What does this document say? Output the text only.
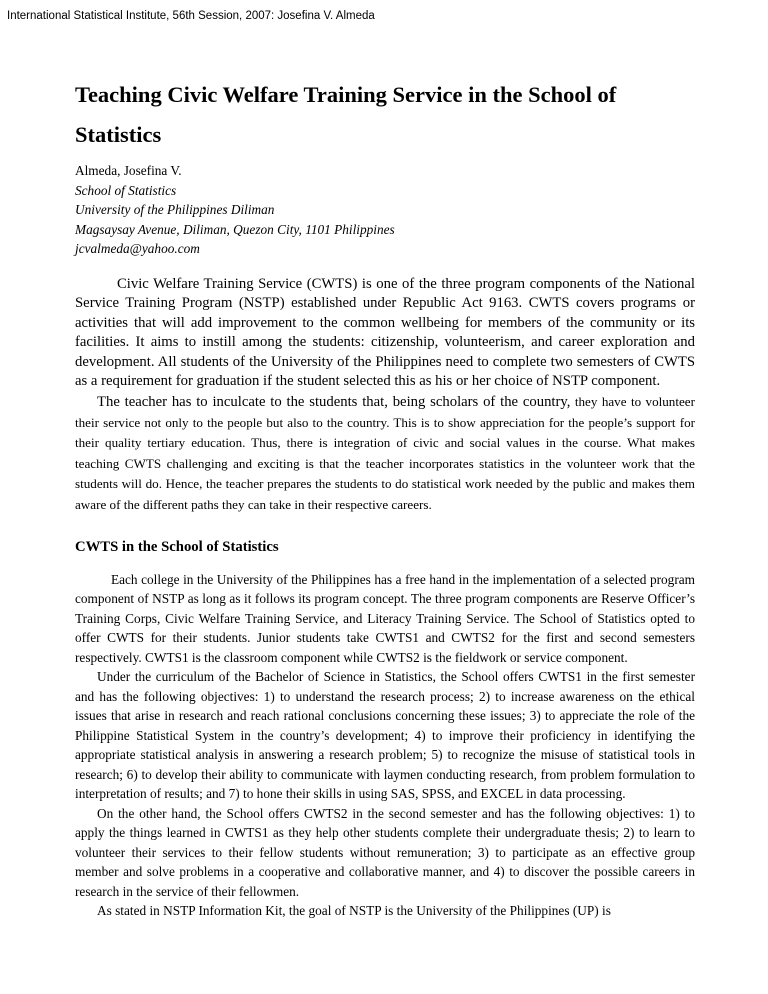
International Statistical Institute, 56th Session, 2007: Josefina V. Almeda
Teaching Civic Welfare Training Service in the School of Statistics
Almeda, Josefina V.
School of Statistics
University of the Philippines Diliman
Magsaysay Avenue, Diliman, Quezon City, 1101 Philippines
jcvalmeda@yahoo.com

Civic Welfare Training Service (CWTS) is one of the three program components of the National Service Training Program (NSTP) established under Republic Act 9163. CWTS covers programs or activities that will add improvement to the common wellbeing for members of the community or its facilities. It aims to instill among the students: citizenship, volunteerism, and career exploration and development. All students of the University of the Philippines need to complete two semesters of CWTS as a requirement for graduation if the student selected this as his or her choice of NSTP component.

The teacher has to inculcate to the students that, being scholars of the country, they have to volunteer their service not only to the people but also to the country. This is to show appreciation for the people’s support for their quality tertiary education. Thus, there is integration of civic and social values in the course. What makes teaching CWTS challenging and exciting is that the teacher incorporates statistics in the volunteer work that the students will do. Hence, the teacher prepares the students to do statistical work needed by the public and makes them aware of the different paths they can take in their respective careers.

CWTS in the School of Statistics

Each college in the University of the Philippines has a free hand in the implementation of a selected program component of NSTP as long as it follows its program concept. The three program components are Reserve Officer’s Training Corps, Civic Welfare Training Service, and Literacy Training Service. The School of Statistics opted to offer CWTS for their students. Junior students take CWTS1 and CWTS2 for the first and second semesters respectively. CWTS1 is the classroom component while CWTS2 is the fieldwork or service component.

Under the curriculum of the Bachelor of Science in Statistics, the School offers CWTS1 in the first semester and has the following objectives: 1) to understand the research process; 2) to increase awareness on the ethical issues that arise in research and reach rational conclusions concerning these issues; 3) to appreciate the role of the Philippine Statistical System in the country’s development; 4) to improve their proficiency in identifying the appropriate statistical analysis in answering a research problem; 5) to recognize the misuse of statistical tools in research; 6) to develop their ability to communicate with laymen conducting research, from problem formulation to interpretation of results; and 7) to hone their skills in using SAS, SPSS, and EXCEL in data processing.

On the other hand, the School offers CWTS2 in the second semester and has the following objectives: 1) to apply the things learned in CWTS1 as they help other students complete their undergraduate thesis; 2) to learn to volunteer their services to their fellow students without remuneration; 3) to participate as an effective group member and solve problems in a cooperative and collaborative manner, and 4) to discover the possible careers in research in the service of their fellowmen.

As stated in NSTP Information Kit, the goal of NSTP is the University of the Philippines (UP) is
